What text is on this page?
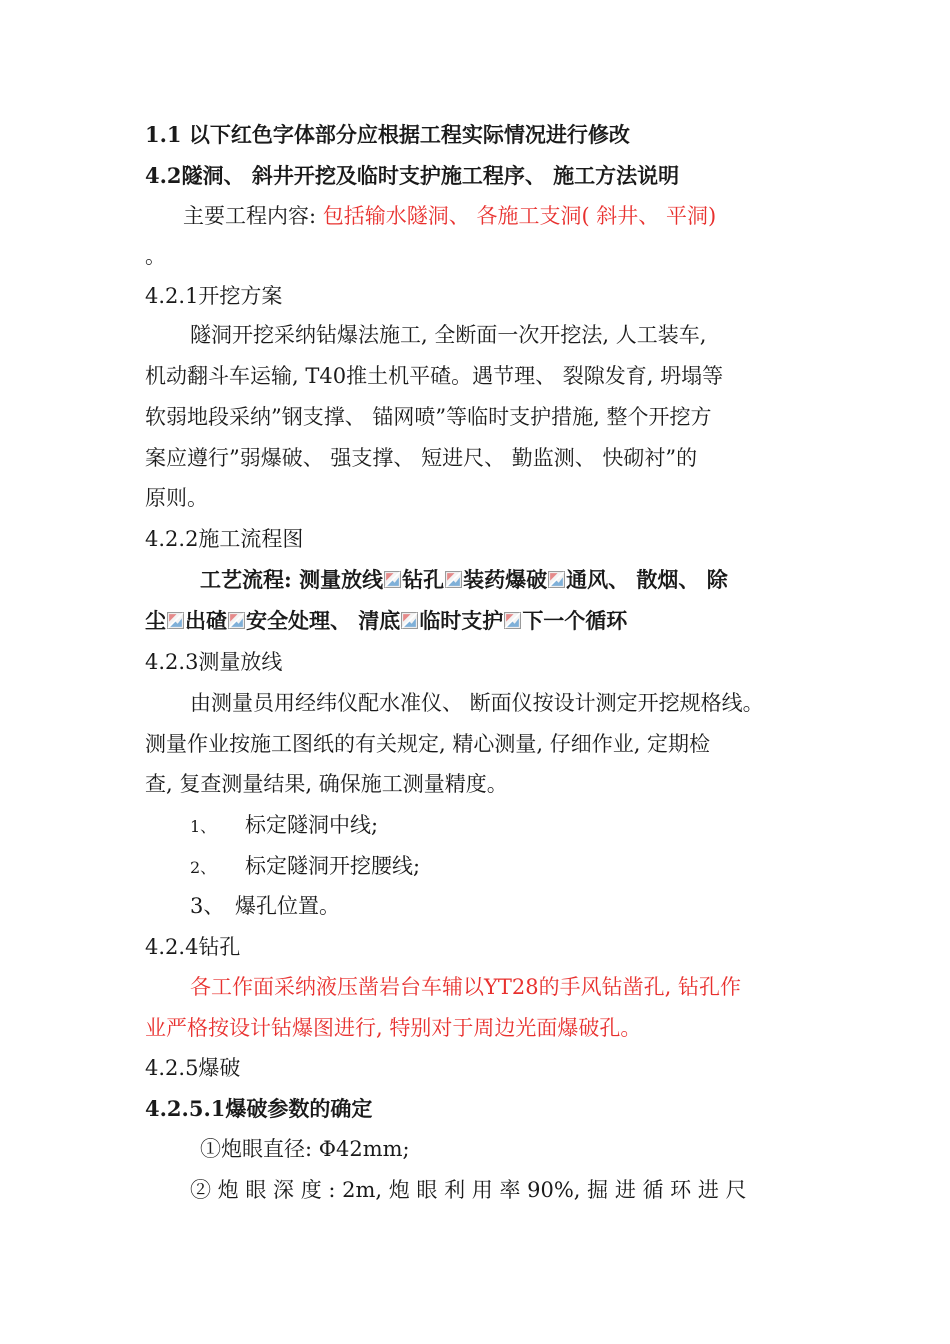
1.1 以下红色字体部分应根据工程实际情况进行修改
4.2隧洞、 斜井开挖及临时支护施工程序、 施工方法说明
主要工程内容: 包括输水隧洞、 各施工支洞( 斜井、 平洞)
。
4.2.1开挖方案
隧洞开挖采纳钻爆法施工, 全断面一次开挖法, 人工装车,
机动翻斗车运输, T40推土机平碴。遇节理、 裂隙发育, 坍塌等
软弱地段采纳”钢支撑、 锚网喷”等临时支护措施, 整个开挖方
案应遵行”弱爆破、 强支撑、 短进尺、 勤监测、 快砌衬”的
原则。
4.2.2施工流程图
工艺流程: 测量放线 钻孔 装药爆破 通风、 散烟、 除
尘 出碴 安全处理、 清底 临时支护 下一个循环
4.2.3测量放线
由测量员用经纬仪配水准仪、 断面仪按设计测定开挖规格线。
测量作业按施工图纸的有关规定, 精心测量, 仔细作业, 定期检
查, 复查测量结果, 确保施工测量精度。
1、 标定隧洞中线;
2、 标定隧洞开挖腰线;
3、 爆孔位置。
4.2.4钻孔
各工作面采纳液压凿岩台车辅以YT28的手风钻凿孔, 钻孔作
业严格按设计钻爆图进行, 特别对于周边光面爆破孔。
4.2.5爆破
4.2.5.1爆破参数的确定
①炮眼直径: Φ42mm;
② 炮 眼 深 度 : 2m, 炮 眼 利 用 率 90%, 掘 进 循 环 进 尺
